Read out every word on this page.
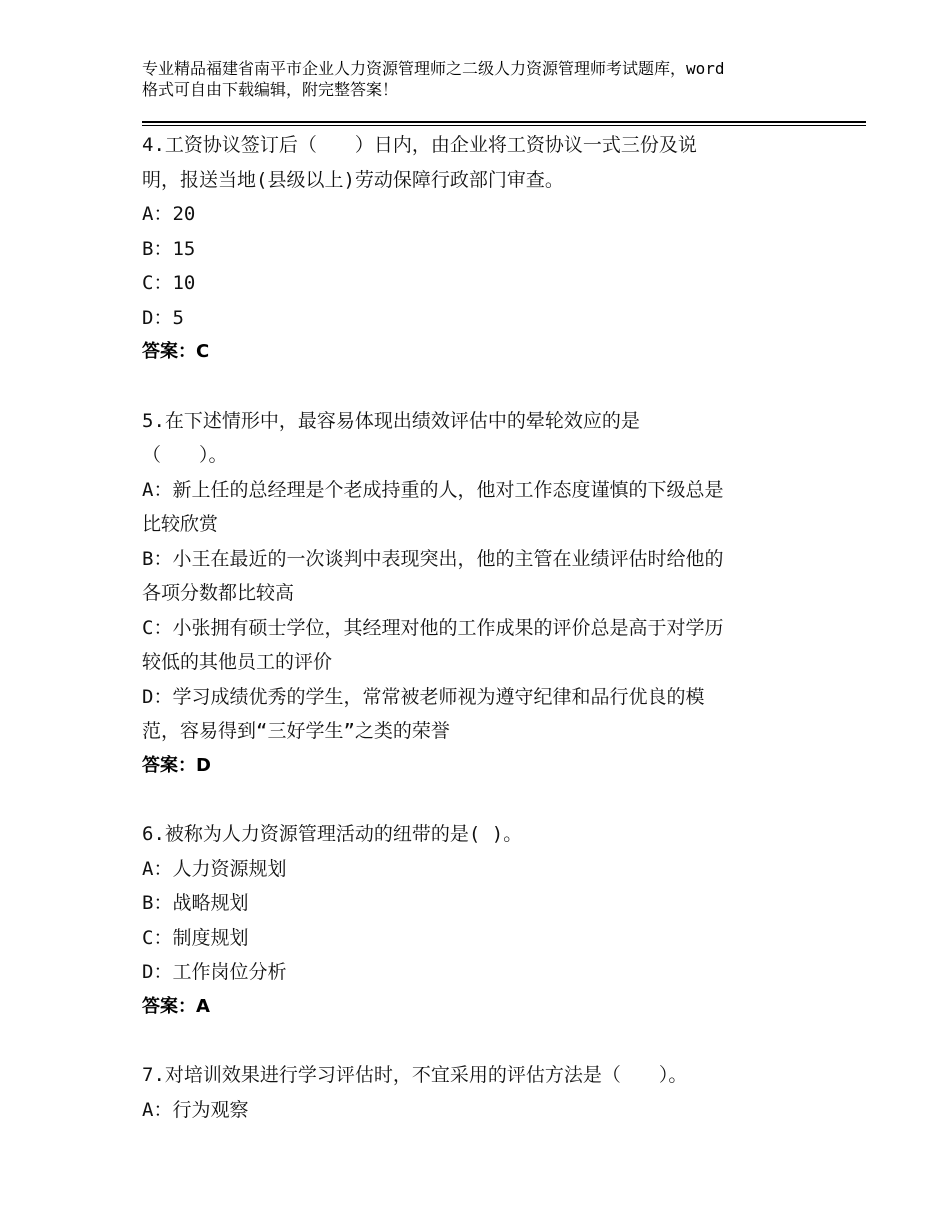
专业精品福建省南平市企业人力资源管理师之二级人力资源管理师考试题库，word
格式可自由下载编辑，附完整答案！
4.工资协议签订后（　　）日内，由企业将工资协议一式三份及说
明，报送当地(县级以上)劳动保障行政部门审查。
A：20
B：15
C：10
D：5
答案：C
5.在下述情形中，最容易体现出绩效评估中的晕轮效应的是
（　　）。
A：新上任的总经理是个老成持重的人，他对工作态度谨慎的下级总是
比较欣赏
B：小王在最近的一次谈判中表现突出，他的主管在业绩评估时给他的
各项分数都比较高
C：小张拥有硕士学位，其经理对他的工作成果的评价总是高于对学历
较低的其他员工的评价
D：学习成绩优秀的学生，常常被老师视为遵守纪律和品行优良的模
范，容易得到“三好学生”之类的荣誉
答案：D
6.被称为人力资源管理活动的纽带的是( )。
A：人力资源规划
B：战略规划
C：制度规划
D：工作岗位分析
答案：A
7.对培训效果进行学习评估时，不宜采用的评估方法是（　　）。
A：行为观察
